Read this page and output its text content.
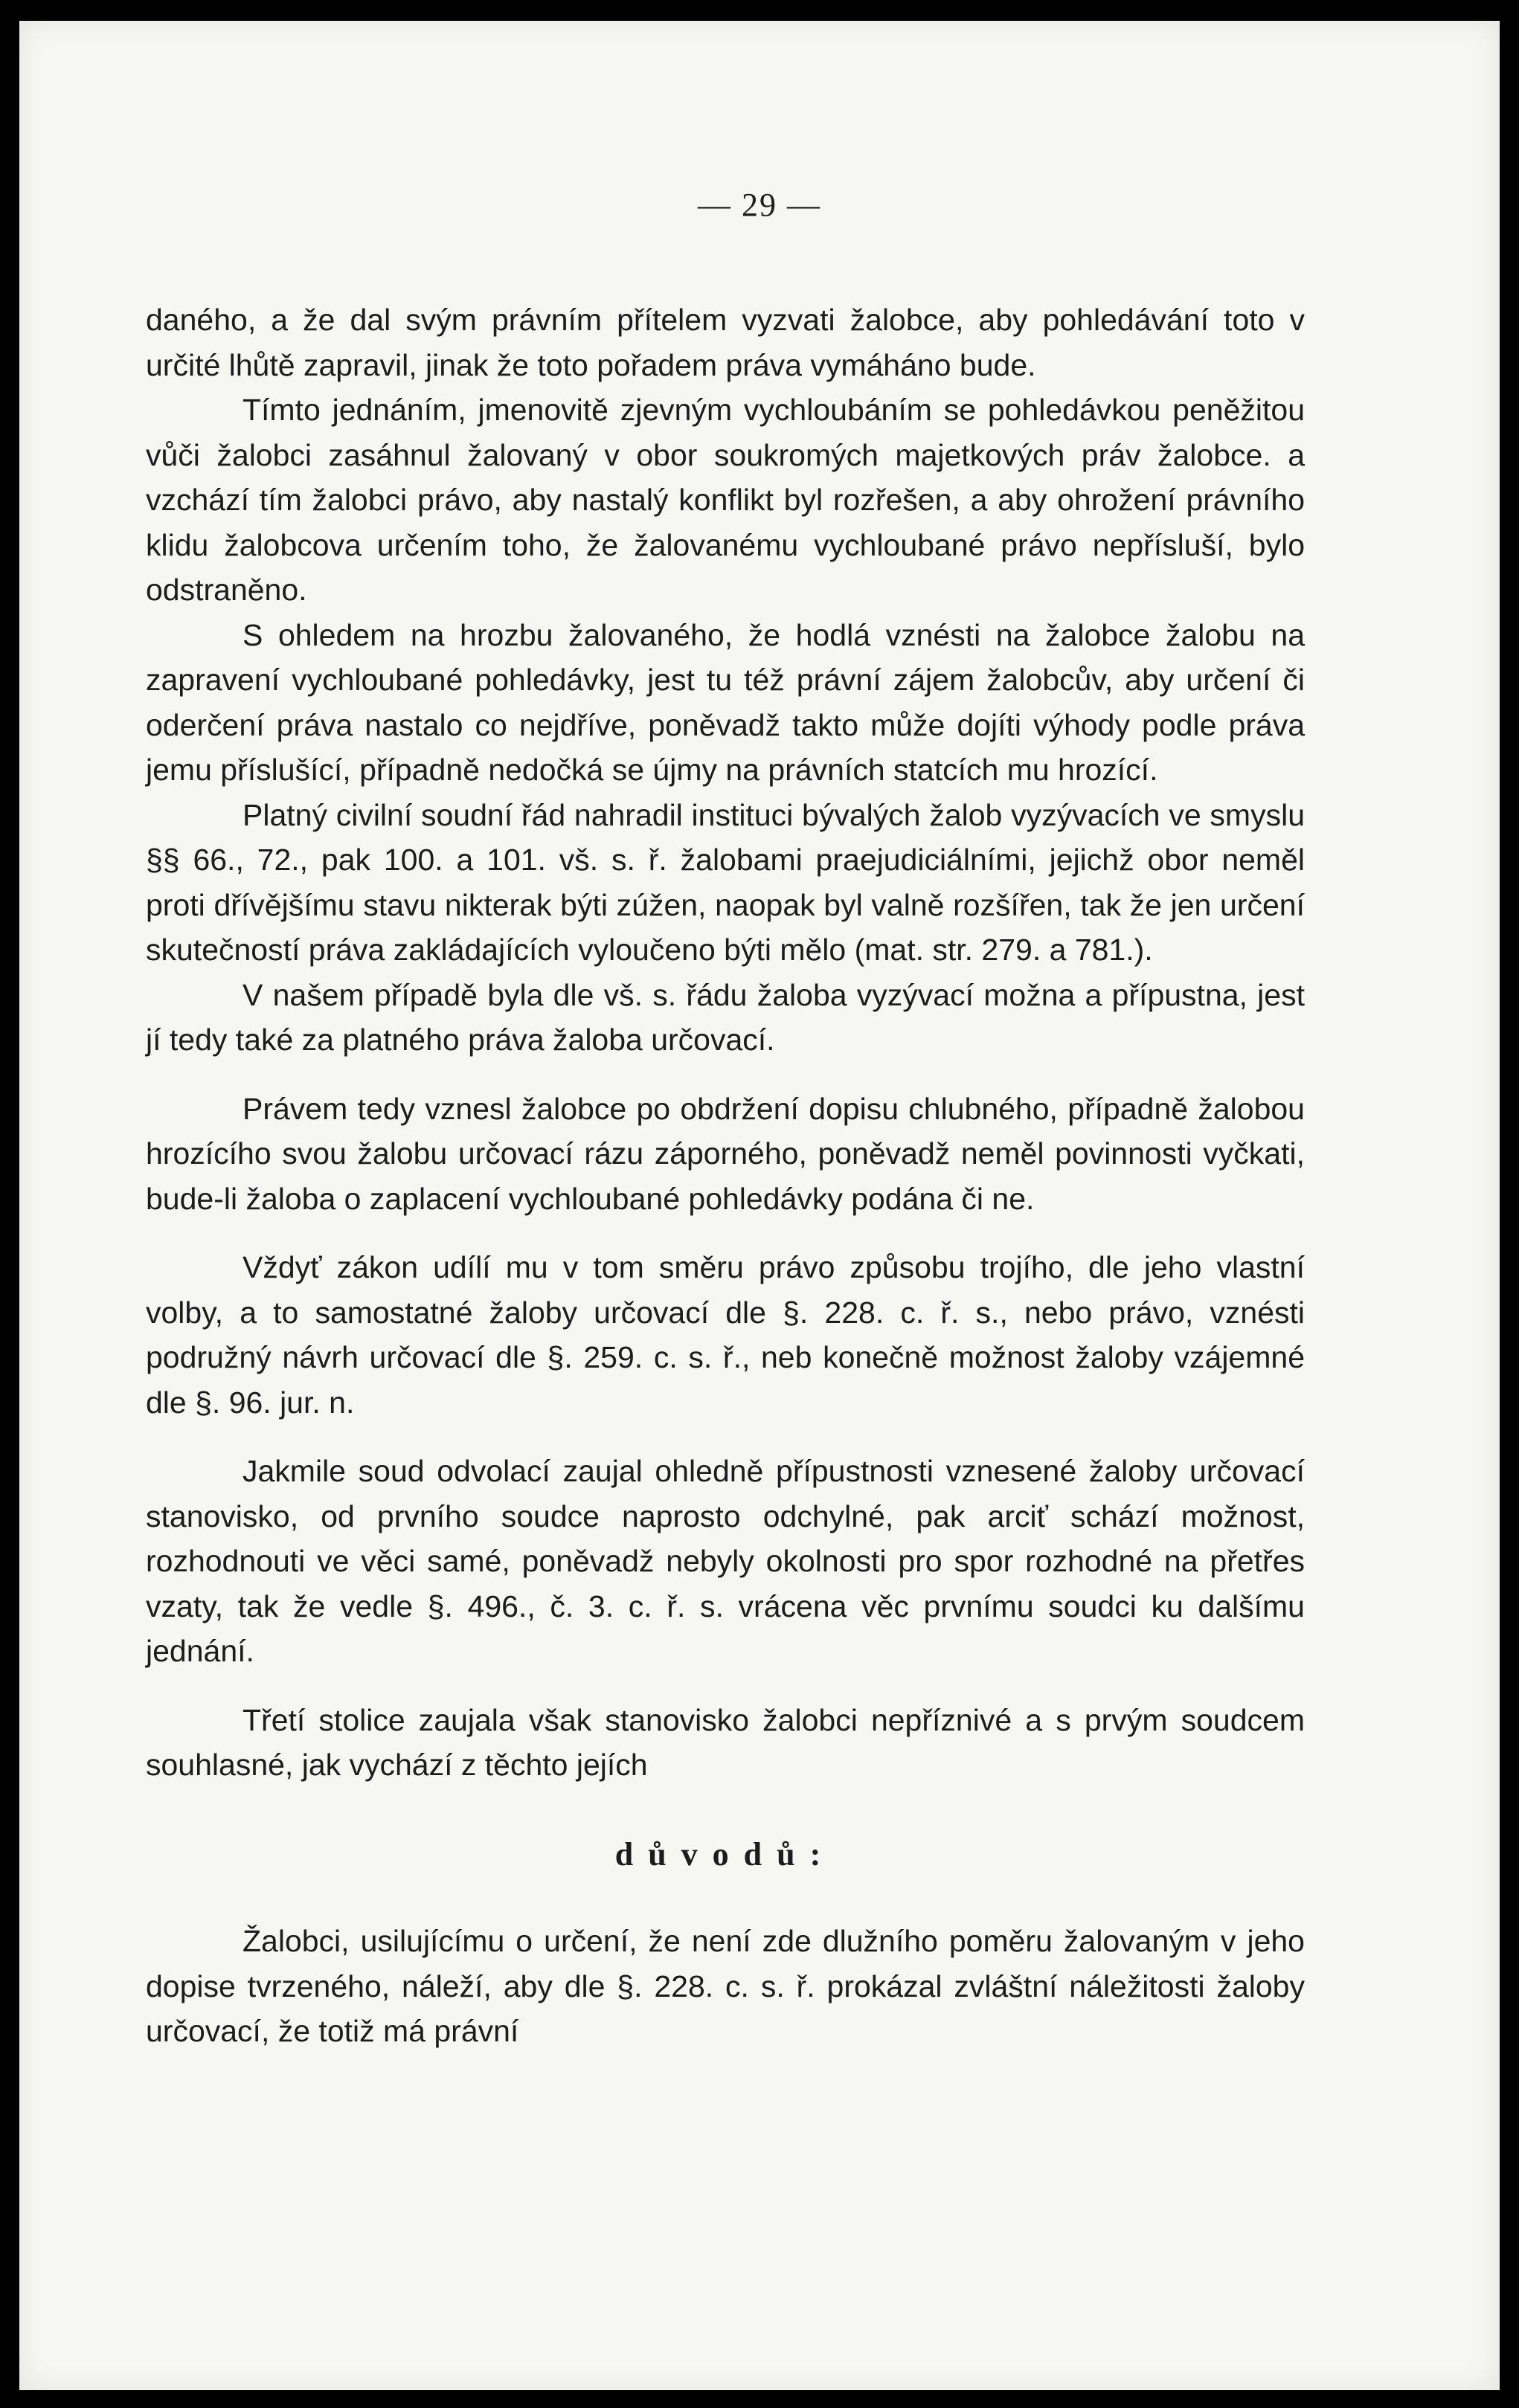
— 29 —

daného, a že dal svým právním přítelem vyzvati žalobce, aby pohledávání toto v určité lhůtě zapravil, jinak že toto pořadem práva vymáháno bude.

Tímto jednáním, jmenovitě zjevným vychloubáním se pohledávkou peněžitou vůči žalobci zasáhnul žalovaný v obor soukromých majetkových práv žalobce. a vzchází tím žalobci právo, aby nastalý konflikt byl rozřešen, a aby ohrožení právního klidu žalobcova určením toho, že žalovanému vychloubané právo nepřísluší, bylo odstraněno.

S ohledem na hrozbu žalovaného, že hodlá vznésti na žalobce žalobu na zapravení vychloubané pohledávky, jest tu též právní zájem žalobcův, aby určení či oderčení práva nastalo co nejdříve, poněvadž takto může dojíti výhody podle práva jemu příslušící, případně nedočká se újmy na právních statcích mu hrozící.

Platný civilní soudní řád nahradil instituci bývalých žalob vyzývacích ve smyslu §§ 66., 72., pak 100. a 101. vš. s. ř. žalobami praejudiciálními, jejichž obor neměl proti dřívějšímu stavu nikterak býti zúžen, naopak byl valně rozšířen, tak že jen určení skutečností práva zakládajících vyloučeno býti mělo (mat. str. 279. a 781.).

V našem případě byla dle vš. s. řádu žaloba vyzývací možna a přípustna, jest jí tedy také za platného práva žaloba určovací.

Právem tedy vznesl žalobce po obdržení dopisu chlubného, případně žalobou hrozícího svou žalobu určovací rázu záporného, poněvadž neměl povinnosti vyčkati, bude-li žaloba o zaplacení vychloubané pohledávky podána či ne.

Vždyť zákon udílí mu v tom směru právo způsobu trojího, dle jeho vlastní volby, a to samostatné žaloby určovací dle §. 228. c. ř. s., nebo právo, vznésti podružný návrh určovací dle §. 259. c. s. ř., neb konečně možnost žaloby vzájemné dle §. 96. jur. n.

Jakmile soud odvolací zaujal ohledně přípustnosti vznesené žaloby určovací stanovisko, od prvního soudce naprosto odchylné, pak arciť schází možnost, rozhodnouti ve věci samé, poněvadž nebyly okolnosti pro spor rozhodné na přetřes vzaty, tak že vedle §. 496., č. 3. c. ř. s. vrácena věc prvnímu soudci ku dalšímu jednání.

Třetí stolice zaujala však stanovisko žalobci nepříznivé a s prvým soudcem souhlasné, jak vychází z těchto jejích

důvodů:

Žalobci, usilujícímu o určení, že není zde dlužního poměru žalovaným v jeho dopise tvrzeného, náleží, aby dle §. 228. c. s. ř. prokázal zvláštní náležitosti žaloby určovací, že totiž má právní
